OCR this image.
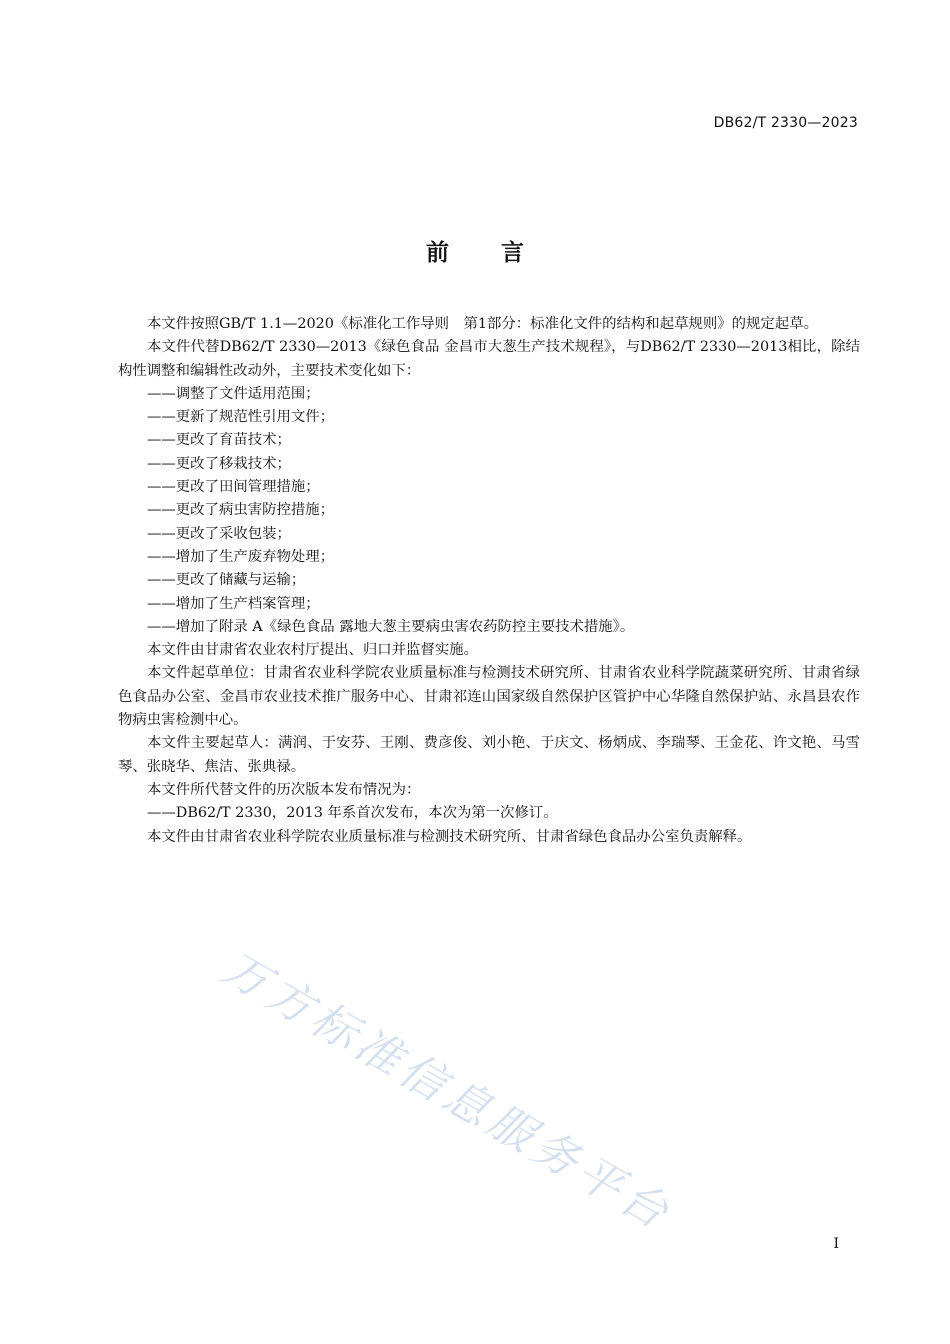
DB62/T 2330—2023
前 言

本文件按照GB/T 1.1—2020《标准化工作导则　第1部分：标准化文件的结构和起草规则》的规定起草。

本文件代替DB62/T 2330—2013《绿色食品 金昌市大葱生产技术规程》，与DB62/T 2330—2013相比，除结构性调整和编辑性改动外，主要技术变化如下：

——调整了文件适用范围；

——更新了规范性引用文件；

——更改了育苗技术；

——更改了移栽技术；

——更改了田间管理措施；

——更改了病虫害防控措施；

——更改了采收包装；

——增加了生产废弃物处理；

——更改了储藏与运输；

——增加了生产档案管理；

——增加了附录 A《绿色食品 露地大葱主要病虫害农药防控主要技术措施》。

本文件由甘肃省农业农村厅提出、归口并监督实施。

本文件起草单位：甘肃省农业科学院农业质量标准与检测技术研究所、甘肃省农业科学院蔬菜研究所、甘肃省绿色食品办公室、金昌市农业技术推广服务中心、甘肃祁连山国家级自然保护区管护中心华隆自然保护站、永昌县农作物病虫害检测中心。

本文件主要起草人：满润、于安芬、王刚、费彦俊、刘小艳、于庆文、杨炳成、李瑞琴、王金花、许文艳、马雪琴、张晓华、焦洁、张典禄。

本文件所代替文件的历次版本发布情况为：

——DB62/T 2330，2013 年系首次发布，本次为第一次修订。

本文件由甘肃省农业科学院农业质量标准与检测技术研究所、甘肃省绿色食品办公室负责解释。

万方标准信息服务平台
I
